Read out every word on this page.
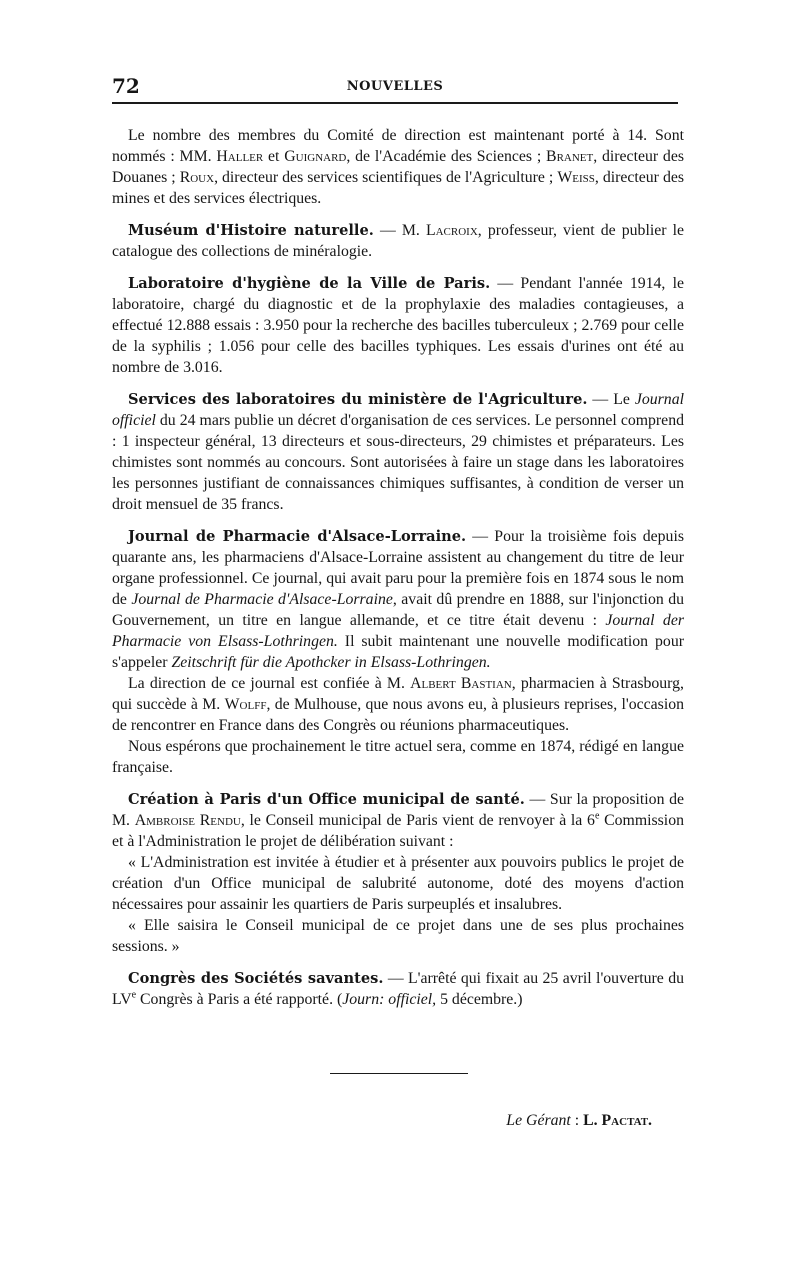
72	NOUVELLES

Le nombre des membres du Comité de direction est maintenant porté à 14. Sont nommés : MM. Haller et Guignard, de l'Académie des Sciences ; Branet, directeur des Douanes ; Roux, directeur des services scientifiques de l'Agriculture ; Weiss, directeur des mines et des services électriques.

Muséum d'Histoire naturelle. — M. Lacroix, professeur, vient de publier le catalogue des collections de minéralogie.

Laboratoire d'hygiène de la Ville de Paris. — Pendant l'année 1914, le laboratoire, chargé du diagnostic et de la prophylaxie des maladies contagieuses, a effectué 12.888 essais : 3.950 pour la recherche des bacilles tuberculeux ; 2.769 pour celle de la syphilis ; 1.056 pour celle des bacilles typhiques. Les essais d'urines ont été au nombre de 3.016.

Services des laboratoires du ministère de l'Agriculture. — Le Journal officiel du 24 mars publie un décret d'organisation de ces services. Le personnel comprend : 1 inspecteur général, 13 directeurs et sous-directeurs, 29 chimistes et préparateurs. Les chimistes sont nommés au concours. Sont autorisées à faire un stage dans les laboratoires les personnes justifiant de connaissances chimiques suffisantes, à condition de verser un droit mensuel de 35 francs.

Journal de Pharmacie d'Alsace-Lorraine. — Pour la troisième fois depuis quarante ans, les pharmaciens d'Alsace-Lorraine assistent au changement du titre de leur organe professionnel. Ce journal, qui avait paru pour la première fois en 1874 sous le nom de Journal de Pharmacie d'Alsace-Lorraine, avait dû prendre en 1888, sur l'injonction du Gouvernement, un titre en langue allemande, et ce titre était devenu : Journal der Pharmacie von Elsass-Lothringen. Il subit maintenant une nouvelle modification pour s'appeler Zeitschrift für die Apothcker in Elsass-Lothringen.

La direction de ce journal est confiée à M. Albert Bastian, pharmacien à Strasbourg, qui succède à M. Wolff, de Mulhouse, que nous avons eu, à plusieurs reprises, l'occasion de rencontrer en France dans des Congrès ou réunions pharmaceutiques.

Nous espérons que prochainement le titre actuel sera, comme en 1874, rédigé en langue française.

Création à Paris d'un Office municipal de santé. — Sur la proposition de M. Ambroise Rendu, le Conseil municipal de Paris vient de renvoyer à la 6e Commission et à l'Administration le projet de délibération suivant :

« L'Administration est invitée à étudier et à présenter aux pouvoirs publics le projet de création d'un Office municipal de salubrité autonome, doté des moyens d'action nécessaires pour assainir les quartiers de Paris surpeuplés et insalubres.

« Elle saisira le Conseil municipal de ce projet dans une de ses plus prochaines sessions. »

Congrès des Sociétés savantes. — L'arrêté qui fixait au 25 avril l'ouverture du LVe Congrès à Paris a été rapporté. (Journ: officiel, 5 décembre.)

Le Gérant : L. Pactat.
